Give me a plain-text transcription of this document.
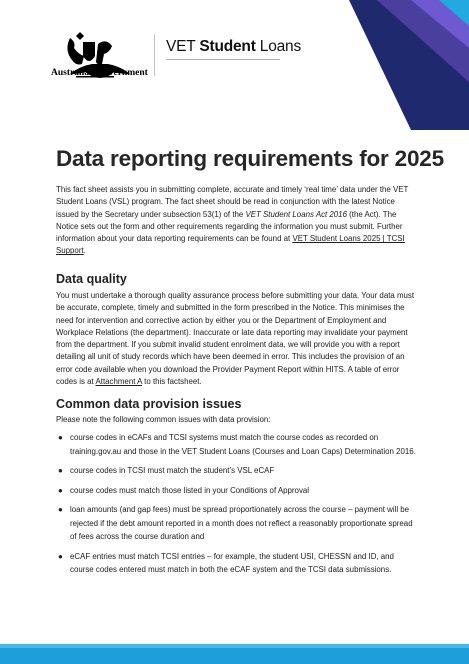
Australian Government
VET Student Loans
Data reporting requirements for 2025

This fact sheet assists you in submitting complete, accurate and timely ‘real time’ data under the VET Student Loans (VSL) program. The fact sheet should be read in conjunction with the latest Notice issued by the Secretary under subsection 53(1) of the VET Student Loans Act 2016 (the Act). The Notice sets out the form and other requirements regarding the information you must submit. Further information about your data reporting requirements can be found at VET Student Loans 2025 | TCSI Support.

Data quality

You must undertake a thorough quality assurance process before submitting your data. Your data must be accurate, complete, timely and submitted in the form prescribed in the Notice. This minimises the need for intervention and corrective action by either you or the Department of Employment and Workplace Relations (the department). Inaccurate or late data reporting may invalidate your payment from the department. If you submit invalid student enrolment data, we will provide you with a report detailing all unit of study records which have been deemed in error. This includes the provision of an error code available when you download the Provider Payment Report within HITS. A table of error codes is at Attachment A to this factsheet.

Common data provision issues

Please note the following common issues with data provision:

● course codes in eCAFs and TCSI systems must match the course codes as recorded on training.gov.au and those in the VET Student Loans (Courses and Loan Caps) Determination 2016.
● course codes in TCSI must match the student’s VSL eCAF
● course codes must match those listed in your Conditions of Approval
● loan amounts (and gap fees) must be spread proportionately across the course – payment will be rejected if the debt amount reported in a month does not reflect a reasonably proportionate spread of fees across the course duration and
● eCAF entries must match TCSI entries – for example, the student USI, CHESSN and ID, and course codes entered must match in both the eCAF system and the TCSI data submissions.
